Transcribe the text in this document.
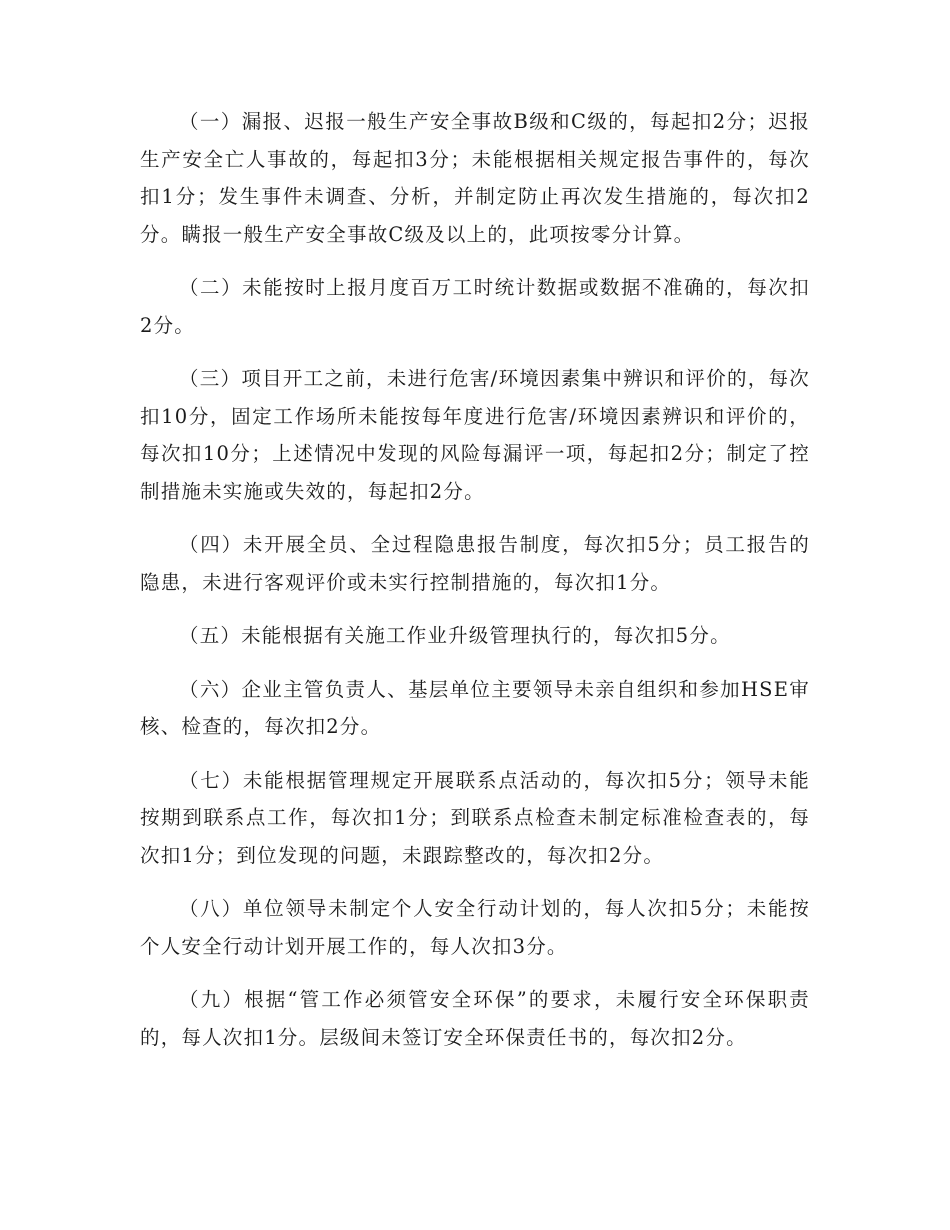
（一）漏报、迟报一般生产安全事故B级和C级的，每起扣2分；迟报生产安全亡人事故的，每起扣3分；未能根据相关规定报告事件的，每次扣1分；发生事件未调查、分析，并制定防止再次发生措施的，每次扣2分。瞒报一般生产安全事故C级及以上的，此项按零分计算。

（二）未能按时上报月度百万工时统计数据或数据不准确的，每次扣2分。

（三）项目开工之前，未进行危害/环境因素集中辨识和评价的，每次扣10分，固定工作场所未能按每年度进行危害/环境因素辨识和评价的，每次扣10分；上述情况中发现的风险每漏评一项，每起扣2分；制定了控制措施未实施或失效的，每起扣2分。

（四）未开展全员、全过程隐患报告制度，每次扣5分；员工报告的隐患，未进行客观评价或未实行控制措施的，每次扣1分。

（五）未能根据有关施工作业升级管理执行的，每次扣5分。

（六）企业主管负责人、基层单位主要领导未亲自组织和参加HSE审核、检查的，每次扣2分。

（七）未能根据管理规定开展联系点活动的，每次扣5分；领导未能按期到联系点工作，每次扣1分；到联系点检查未制定标准检查表的，每次扣1分；到位发现的问题，未跟踪整改的，每次扣2分。

（八）单位领导未制定个人安全行动计划的，每人次扣5分；未能按个人安全行动计划开展工作的，每人次扣3分。

（九）根据“管工作必须管安全环保”的要求，未履行安全环保职责的，每人次扣1分。层级间未签订安全环保责任书的，每次扣2分。
